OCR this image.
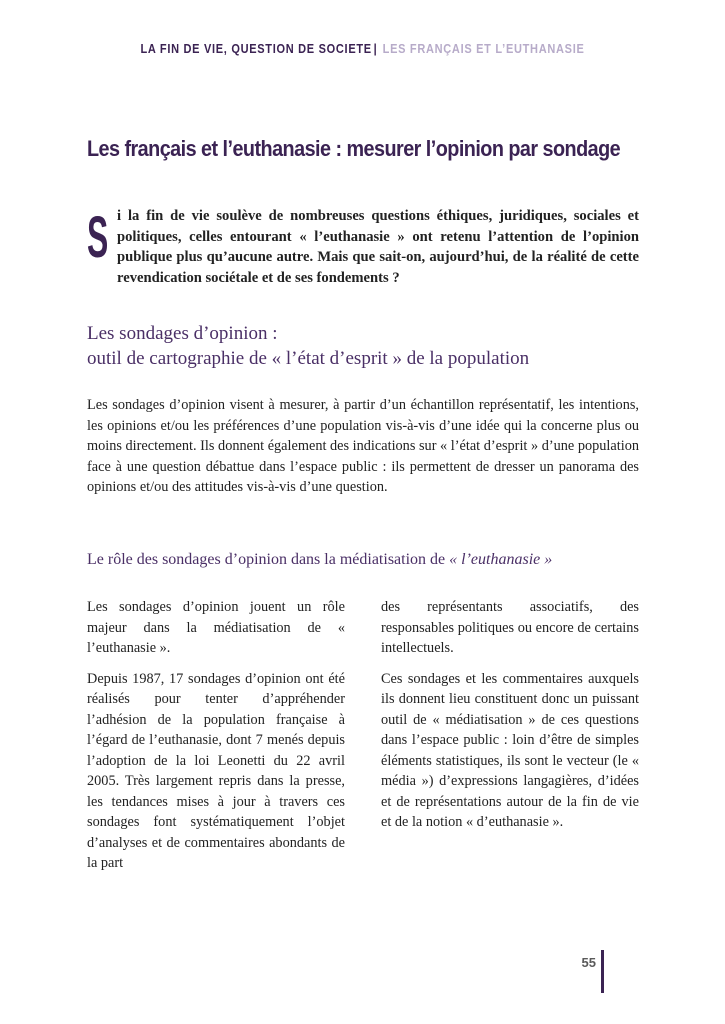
LA FIN DE VIE, QUESTION DE SOCIETE | LES FRANÇAIS ET L’EUTHANASIE
Les français et l’euthanasie : mesurer l’opinion par sondage

Si la fin de vie soulève de nombreuses questions éthiques, juridiques, sociales et politiques, celles entourant « l’euthanasie » ont retenu l’attention de l’opinion publique plus qu’aucune autre. Mais que sait-on, aujourd’hui, de la réalité de cette revendication sociétale et de ses fondements ?

Les sondages d’opinion :
outil de cartographie de « l’état d’esprit » de la population

Les sondages d’opinion visent à mesurer, à partir d’un échantillon représentatif, les intentions, les opinions et/ou les préférences d’une population vis-à-vis d’une idée qui la concerne plus ou moins directement. Ils donnent également des indications sur « l’état d’esprit » d’une population face à une question débattue dans l’espace public : ils permettent de dresser un panorama des opinions et/ou des attitudes vis-à-vis d’une question.

Le rôle des sondages d’opinion dans la médiatisation de « l’euthanasie »

Les sondages d’opinion jouent un rôle majeur dans la médiatisation de « l’euthanasie ».

Depuis 1987, 17 sondages d’opinion ont été réalisés pour tenter d’appréhender l’adhésion de la population française à l’égard de l’euthanasie, dont 7 menés depuis l’adoption de la loi Leonetti du 22 avril 2005. Très largement repris dans la presse, les tendances mises à jour à travers ces sondages font systématiquement l’objet d’analyses et de commentaires abondants de la part

des représentants associatifs, des responsables politiques ou encore de certains intellectuels.

Ces sondages et les commentaires auxquels ils donnent lieu constituent donc un puissant outil de « médiatisation » de ces questions dans l’espace public : loin d’être de simples éléments statistiques, ils sont le vecteur (le « média ») d’expressions langagières, d’idées et de représentations autour de la fin de vie et de la notion « d’euthanasie ».

55
